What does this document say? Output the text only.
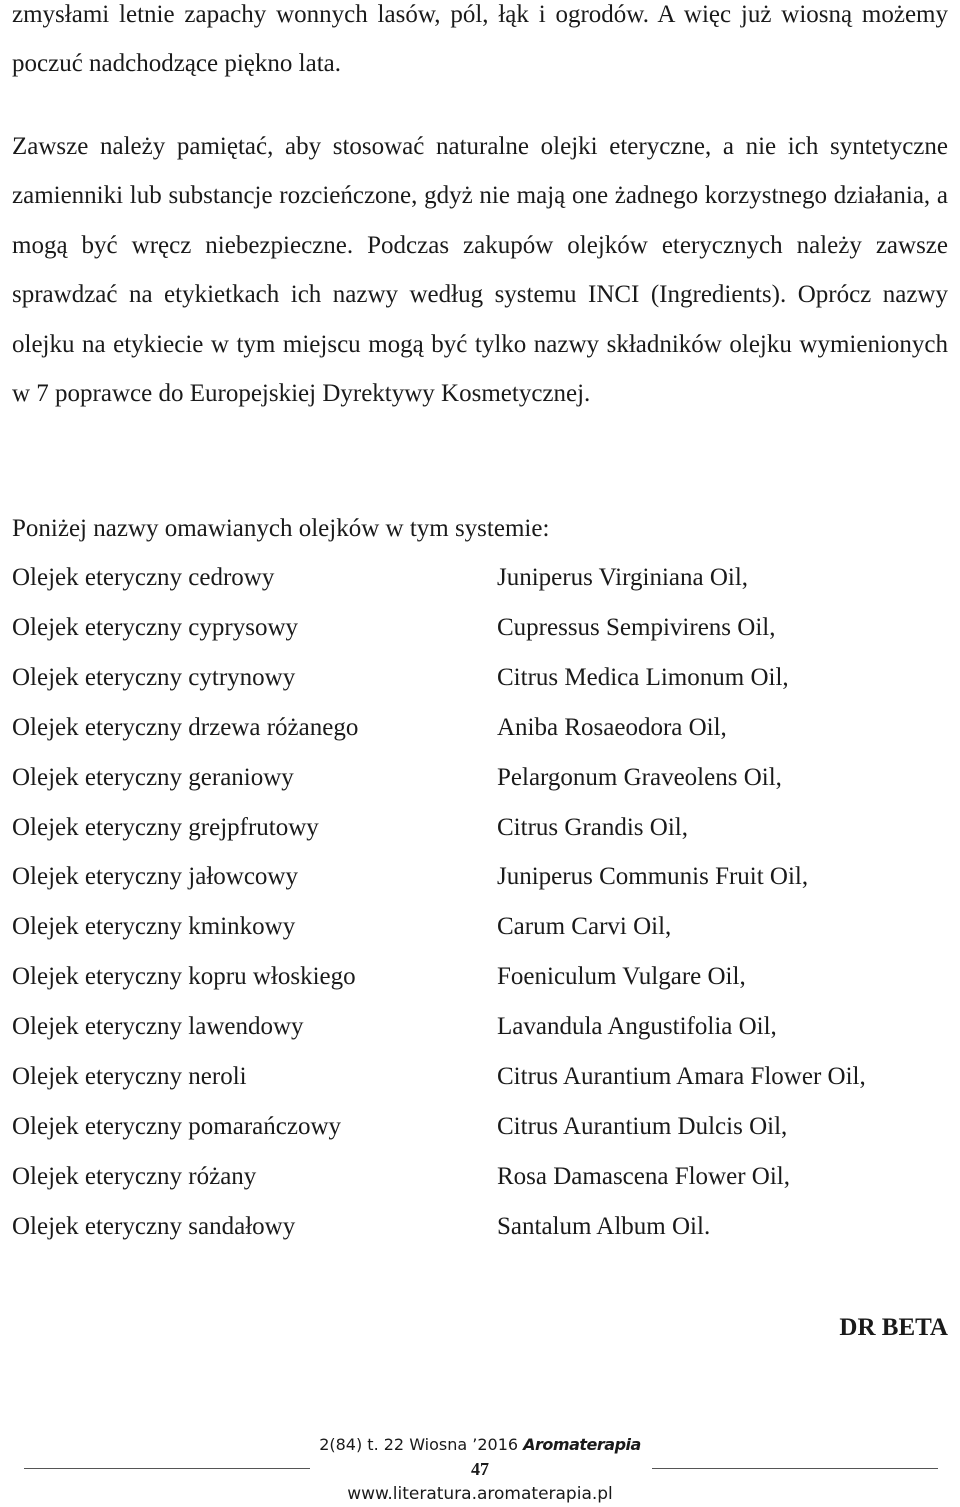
zmysłami letnie zapachy wonnych lasów, pól, łąk i ogrodów. A więc już wiosną możemy poczuć nadchodzące piękno lata.

Zawsze należy pamiętać, aby stosować naturalne olejki eteryczne, a nie ich syntetyczne zamienniki lub substancje rozcieńczone, gdyż nie mają one żadnego korzystnego działania, a mogą być wręcz niebezpieczne. Podczas zakupów olejków eterycznych należy zawsze sprawdzać na etykietkach ich nazwy według systemu INCI (Ingredients). Oprócz nazwy olejku na etykiecie w tym miejscu mogą być tylko nazwy składników olejku wymienionych w 7 poprawce do Europejskiej Dyrektywy Kosmetycznej.

Poniżej nazwy omawianych olejków w tym systemie:

Olejek eteryczny cedrowy	Juniperus Virginiana Oil,
Olejek eteryczny cyprysowy	Cupressus Sempivirens Oil,
Olejek eteryczny cytrynowy	Citrus Medica Limonum Oil,
Olejek eteryczny drzewa różanego	Aniba Rosaeodora Oil,
Olejek eteryczny geraniowy	Pelargonum Graveolens Oil,
Olejek eteryczny grejpfrutowy	Citrus Grandis Oil,
Olejek eteryczny jałowcowy	Juniperus Communis Fruit Oil,
Olejek eteryczny kminkowy	Carum Carvi Oil,
Olejek eteryczny kopru włoskiego	Foeniculum Vulgare Oil,
Olejek eteryczny lawendowy	Lavandula Angustifolia Oil,
Olejek eteryczny neroli	Citrus Aurantium Amara Flower Oil,
Olejek eteryczny pomarańczowy	Citrus Aurantium Dulcis Oil,
Olejek eteryczny różany	Rosa Damascena Flower Oil,
Olejek eteryczny sandałowy	Santalum Album Oil.

DR BETA

2(84) t. 22 Wiosna ’2016 Aromaterapia
47
www.literatura.aromaterapia.pl
